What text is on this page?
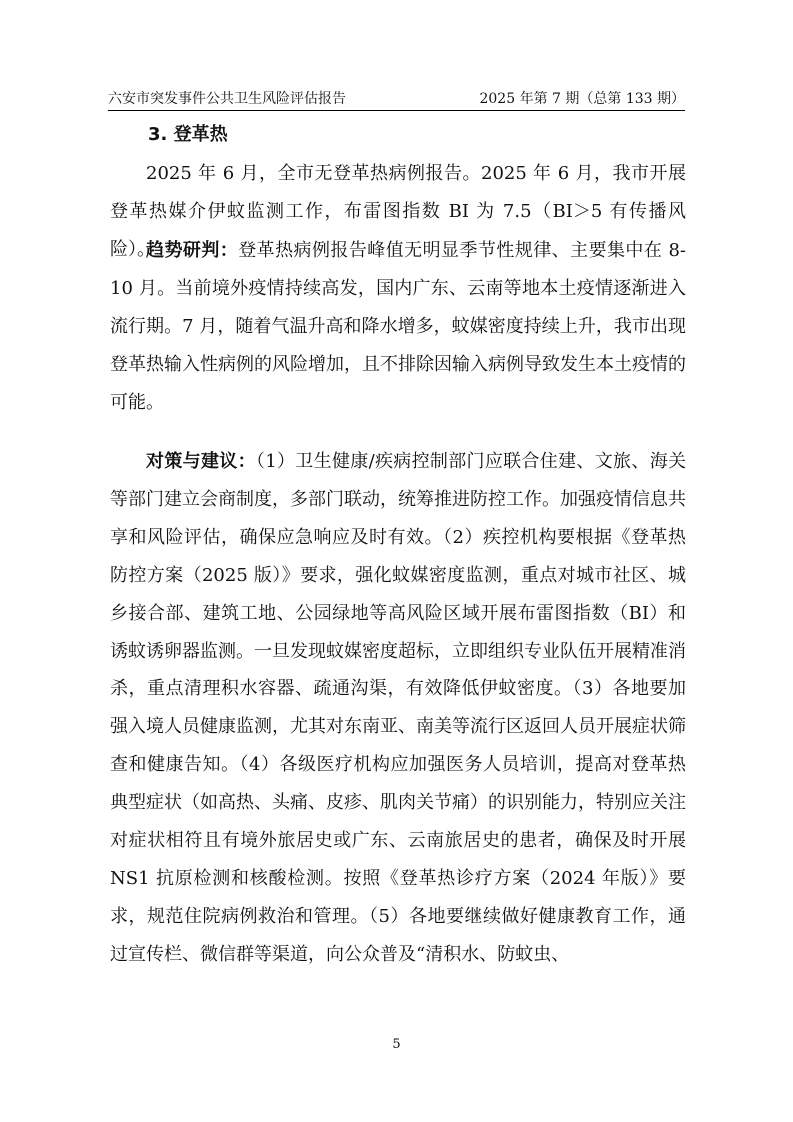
六安市突发事件公共卫生风险评估报告	2025 年第 7 期（总第 133 期）
3. 登革热

2025 年 6 月，全市无登革热病例报告。2025 年 6 月，我市开展登革热媒介伊蚊监测工作，布雷图指数 BI 为 7.5（BI＞5 有传播风险）。

趋势研判：登革热病例报告峰值无明显季节性规律、主要集中在 8-10 月。当前境外疫情持续高发，国内广东、云南等地本土疫情逐渐进入流行期。7 月，随着气温升高和降水增多，蚊媒密度持续上升，我市出现登革热输入性病例的风险增加，且不排除因输入病例导致发生本土疫情的可能。

对策与建议：（1）卫生健康/疾病控制部门应联合住建、文旅、海关等部门建立会商制度，多部门联动，统筹推进防控工作。加强疫情信息共享和风险评估，确保应急响应及时有效。（2）疾控机构要根据《登革热防控方案（2025 版）》要求，强化蚊媒密度监测，重点对城市社区、城乡接合部、建筑工地、公园绿地等高风险区域开展布雷图指数（BI）和诱蚊诱卵器监测。一旦发现蚊媒密度超标，立即组织专业队伍开展精准消杀，重点清理积水容器、疏通沟渠，有效降低伊蚊密度。（3）各地要加强入境人员健康监测，尤其对东南亚、南美等流行区返回人员开展症状筛查和健康告知。（4）各级医疗机构应加强医务人员培训，提高对登革热典型症状（如高热、头痛、皮疹、肌肉关节痛）的识别能力，特别应关注对症状相符且有境外旅居史或广东、云南旅居史的患者，确保及时开展 NS1 抗原检测和核酸检测。按照《登革热诊疗方案（2024 年版）》要求，规范住院病例救治和管理。（5）各地要继续做好健康教育工作，通过宣传栏、微信群等渠道，向公众普及“清积水、防蚊虫、

5
